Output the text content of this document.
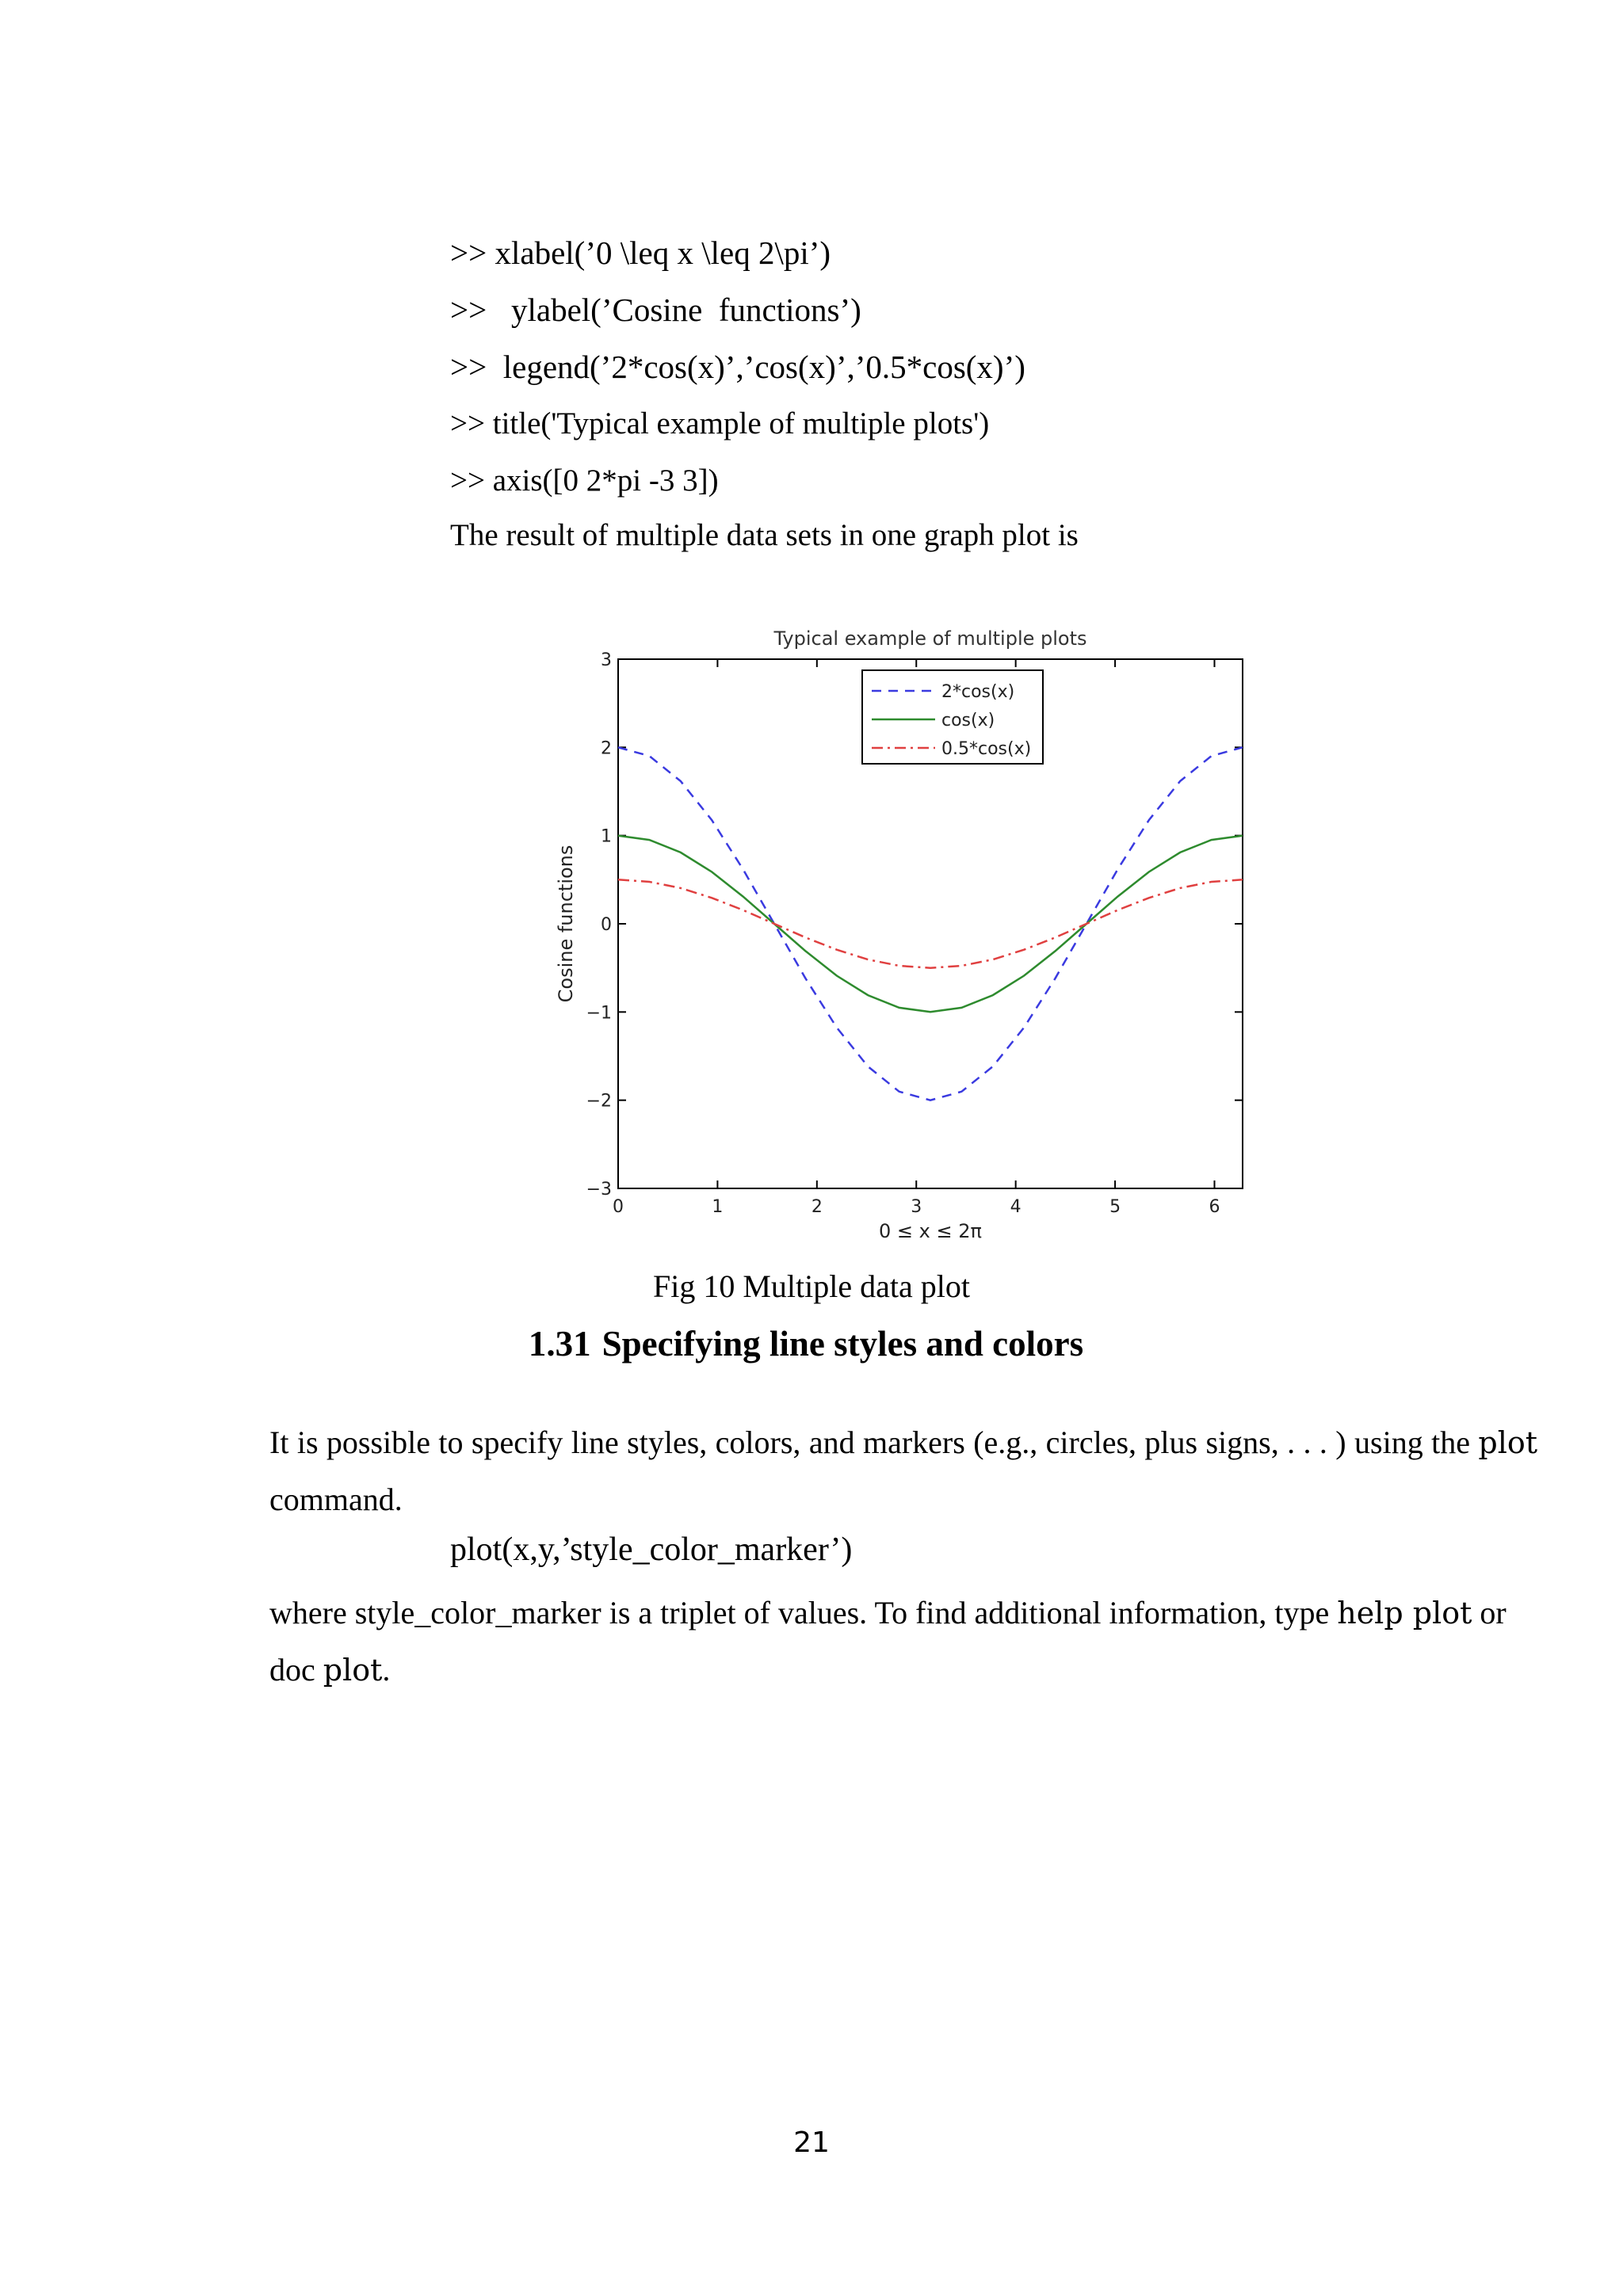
>> xlabel(’0 \leq x \leq 2\pi’)
>>   ylabel(’Cosine  functions’)
>>  legend(’2*cos(x)’,’cos(x)’,’0.5*cos(x)’)
>> title('Typical example of multiple plots')
>> axis([0 2*pi -3 3])
The result of multiple data sets in one graph plot is
Typical example of multiple plots
0	1	2	3	4	5	6
−3
−2
−1
0
1
2
3
2*cos(x)
cos(x)
0.5*cos(x)
0 ≤ x ≤ 2π
Cosine functions
Fig 10 Multiple data plot
1.31 Specifying line styles and colors
It is possible to specify line styles, colors, and markers (e.g., circles, plus signs, . . . ) using the plot command.
plot(x,y,’style_color_marker’)
where style_color_marker is a triplet of values. To find additional information, type help plot or doc plot.
21
